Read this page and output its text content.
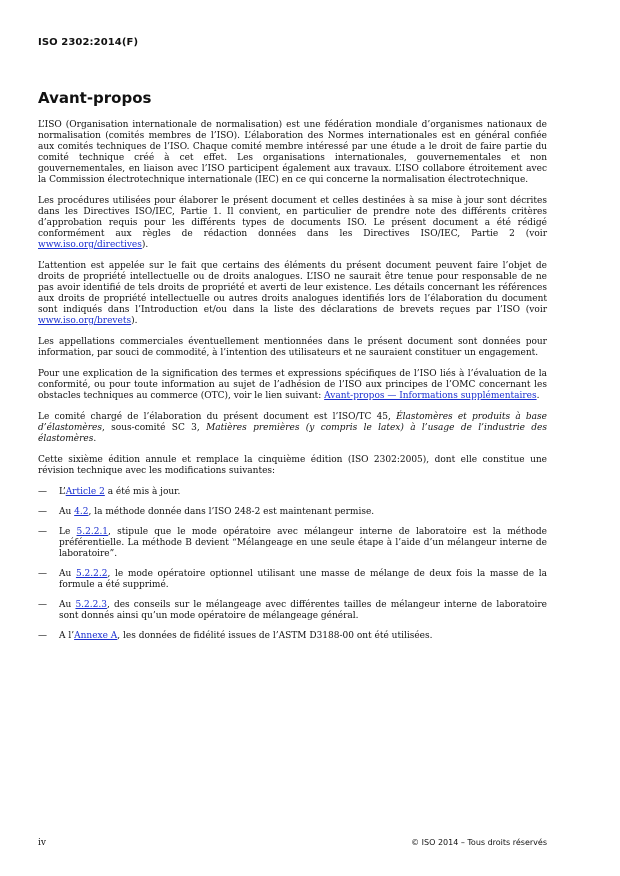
ISO 2302:2014(F)
Avant-propos

L’ISO (Organisation internationale de normalisation) est une fédération mondiale d’organismes nationaux de normalisation (comités membres de l’ISO). L’élaboration des Normes internationales est en général confiée aux comités techniques de l’ISO. Chaque comité membre intéressé par une étude a le droit de faire partie du comité technique créé à cet effet. Les organisations internationales, gouvernementales et non gouvernementales, en liaison avec l’ISO participent également aux travaux. L’ISO collabore étroitement avec la Commission électrotechnique internationale (IEC) en ce qui concerne la normalisation électrotechnique.

Les procédures utilisées pour élaborer le présent document et celles destinées à sa mise à jour sont décrites dans les Directives ISO/IEC, Partie 1. Il convient, en particulier de prendre note des différents critères d’approbation requis pour les différents types de documents ISO. Le présent document a été rédigé conformément aux règles de rédaction données dans les Directives ISO/IEC, Partie 2 (voir www.iso.org/directives).

L’attention est appelée sur le fait que certains des éléments du présent document peuvent faire l’objet de droits de propriété intellectuelle ou de droits analogues. L’ISO ne saurait être tenue pour responsable de ne pas avoir identifié de tels droits de propriété et averti de leur existence. Les détails concernant les références aux droits de propriété intellectuelle ou autres droits analogues identifiés lors de l’élaboration du document sont indiqués dans l’Introduction et/ou dans la liste des déclarations de brevets reçues par l’ISO (voir www.iso.org/brevets).

Les appellations commerciales éventuellement mentionnées dans le présent document sont données pour information, par souci de commodité, à l’intention des utilisateurs et ne sauraient constituer un engagement.

Pour une explication de la signification des termes et expressions spécifiques de l’ISO liés à l’évaluation de la conformité, ou pour toute information au sujet de l’adhésion de l’ISO aux principes de l’OMC concernant les obstacles techniques au commerce (OTC), voir le lien suivant: Avant-propos — Informations supplémentaires.

Le comité chargé de l’élaboration du présent document est l’ISO/TC 45, Élastomères et produits à base d’élastomères, sous-comité SC 3, Matières premières (y compris le latex) à l’usage de l’industrie des élastomères.

Cette sixième édition annule et remplace la cinquième édition (ISO 2302:2005), dont elle constitue une révision technique avec les modifications suivantes:

— L’Article 2 a été mis à jour.
— Au 4.2, la méthode donnée dans l’ISO 248-2 est maintenant permise.
— Le 5.2.2.1, stipule que le mode opératoire avec mélangeur interne de laboratoire est la méthode préférentielle. La méthode B devient “Mélangeage en une seule étape à l’aide d’un mélangeur interne de laboratoire”.
— Au 5.2.2.2, le mode opératoire optionnel utilisant une masse de mélange de deux fois la masse de la formule a été supprimé.
— Au 5.2.2.3, des conseils sur le mélangeage avec différentes tailles de mélangeur interne de laboratoire sont donnés ainsi qu’un mode opératoire de mélangeage général.
— A l’Annexe A, les données de fidélité issues de l’ASTM D3188-00 ont été utilisées.
iv	© ISO 2014 – Tous droits réservés
